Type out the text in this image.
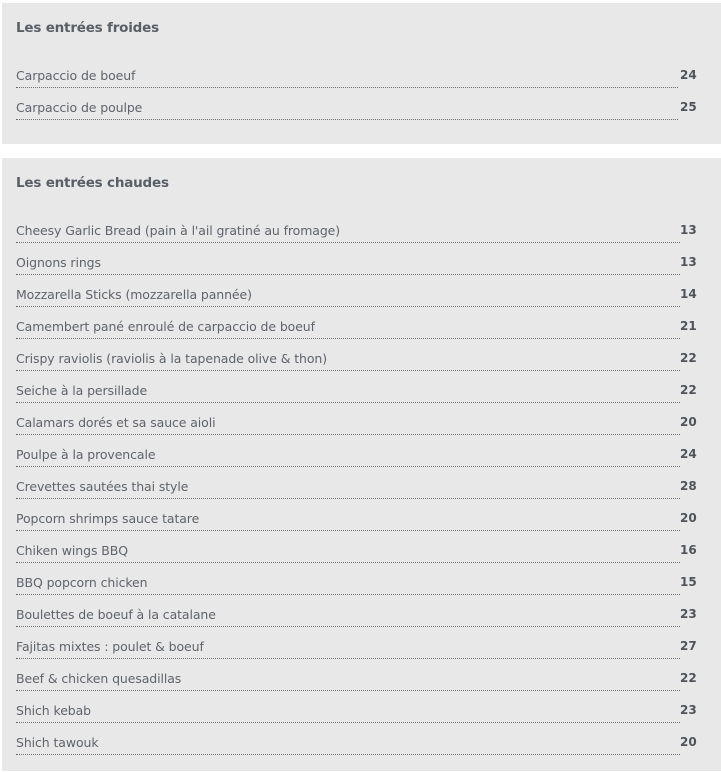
Les entrées froides
Carpaccio de boeuf	24
Carpaccio de poulpe	25
Les entrées chaudes
Cheesy Garlic Bread (pain à l'ail gratiné au fromage)	13
Oignons rings	13
Mozzarella Sticks (mozzarella pannée)	14
Camembert pané enroulé de carpaccio de boeuf	21
Crispy raviolis (raviolis à la tapenade olive & thon)	22
Seiche à la persillade	22
Calamars dorés et sa sauce aioli	20
Poulpe à la provencale	24
Crevettes sautées thai style	28
Popcorn shrimps sauce tatare	20
Chiken wings BBQ	16
BBQ popcorn chicken	15
Boulettes de boeuf à la catalane	23
Fajitas mixtes : poulet & boeuf	27
Beef & chicken quesadillas	22
Shich kebab	23
Shich tawouk	20
